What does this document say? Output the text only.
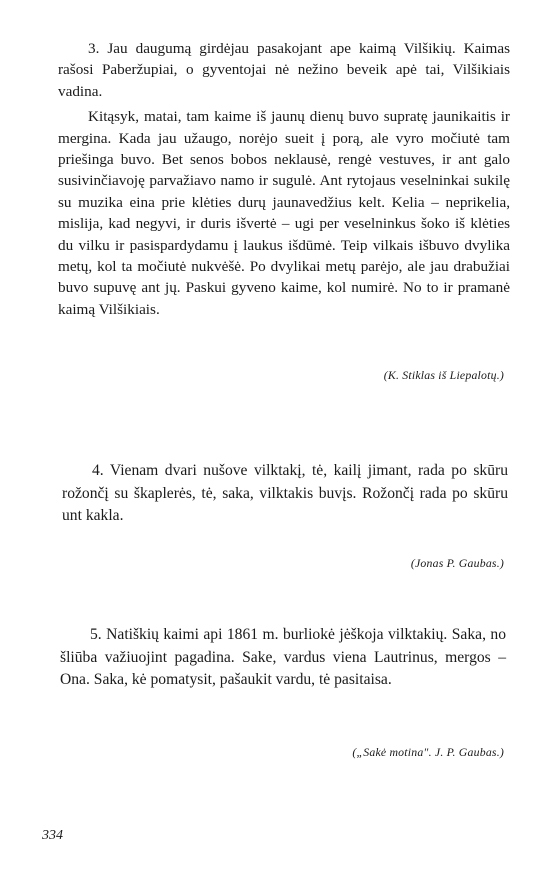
3. Jau daugumą girdėjau pasakojant ape kaimą Vilšikių. Kaimas rašosi Paberžupiai, o gyventojai nė nežino beveik apė tai, Vilšikiais vadina.

Kitąsyk, matai, tam kaime iš jaunų dienų buvo supratę jaunikaitis ir mergina. Kada jau užaugo, norėjo sueit į porą, ale vyro močiutė tam priešinga buvo. Bet senos bobos neklausė, rengė vestuves, ir ant galo susivinčiavoję parvažiavo namo ir sugulė. Ant rytojaus veselninkai sukilę su muzika eina prie klėties durų jaunavedžius kelt. Kelia – neprikelia, mislija, kad negyvi, ir duris išvertė – ugi per veselninkus šoko iš klėties du vilku ir pasispardydamu į laukus išdūmė. Teip vilkais išbuvo dvylika metų, kol ta močiutė nukvėšė. Po dvylikai metų parėjo, ale jau drabužiai buvo supuvę ant jų. Paskui gyveno kaime, kol numirė. No to ir pramanė kaimą Vilšikiais.

(K. Stiklas iš Liepalotų.)

4. Vienam dvari nušove vilktakį, tė, kailį jimant, rada po skūru rožončį su škaplerės, tė, saka, vilktakis buvįs. Rožončį rada po skūru unt kakla.

(Jonas P. Gaubas.)

5. Natiškių kaimi api 1861 m. burliokė jėškoja vilktakių. Saka, no šliūba važiuojint pagadina. Sake, vardus viena Lautrinus, mergos – Ona. Saka, kė pomatysit, pašaukit vardu, tė pasitaisa.

(„Sakė motina". J. P. Gaubas.)
334
